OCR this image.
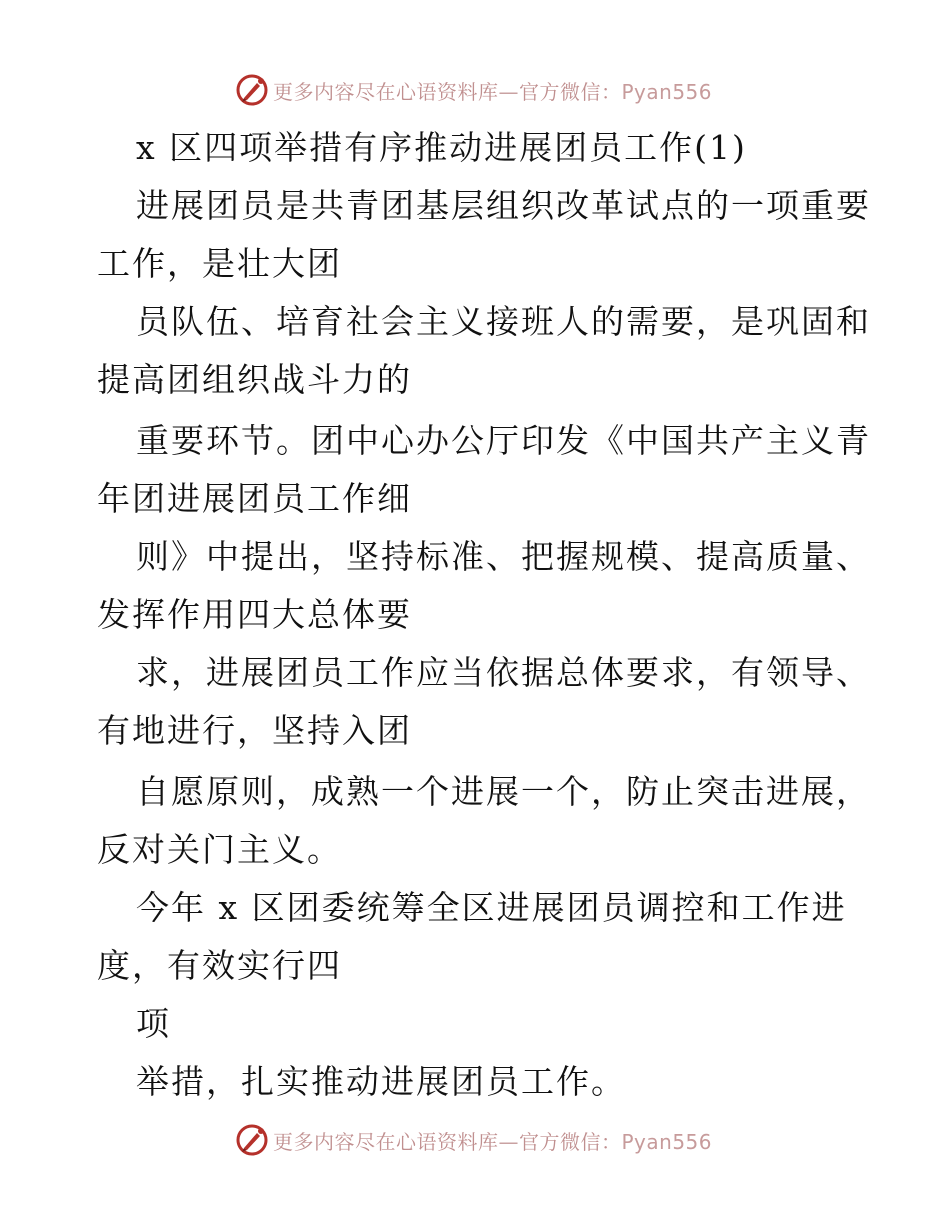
更多内容尽在心语资料库—官方微信：Pyan556
x 区四项举措有序推动进展团员工作(1)
进展团员是共青团基层组织改革试点的一项重要
工作，是壮大团
员队伍、培育社会主义接班人的需要，是巩固和
提高团组织战斗力的
重要环节。团中心办公厅印发《中国共产主义青
年团进展团员工作细
则》中提出，坚持标准、把握规模、提高质量、
发挥作用四大总体要
求，进展团员工作应当依据总体要求，有领导、
有地进行，坚持入团
自愿原则，成熟一个进展一个，防止突击进展，
反对关门主义。
今年 x 区团委统筹全区进展团员调控和工作进
度，有效实行四
项
举措，扎实推动进展团员工作。
更多内容尽在心语资料库—官方微信：Pyan556
